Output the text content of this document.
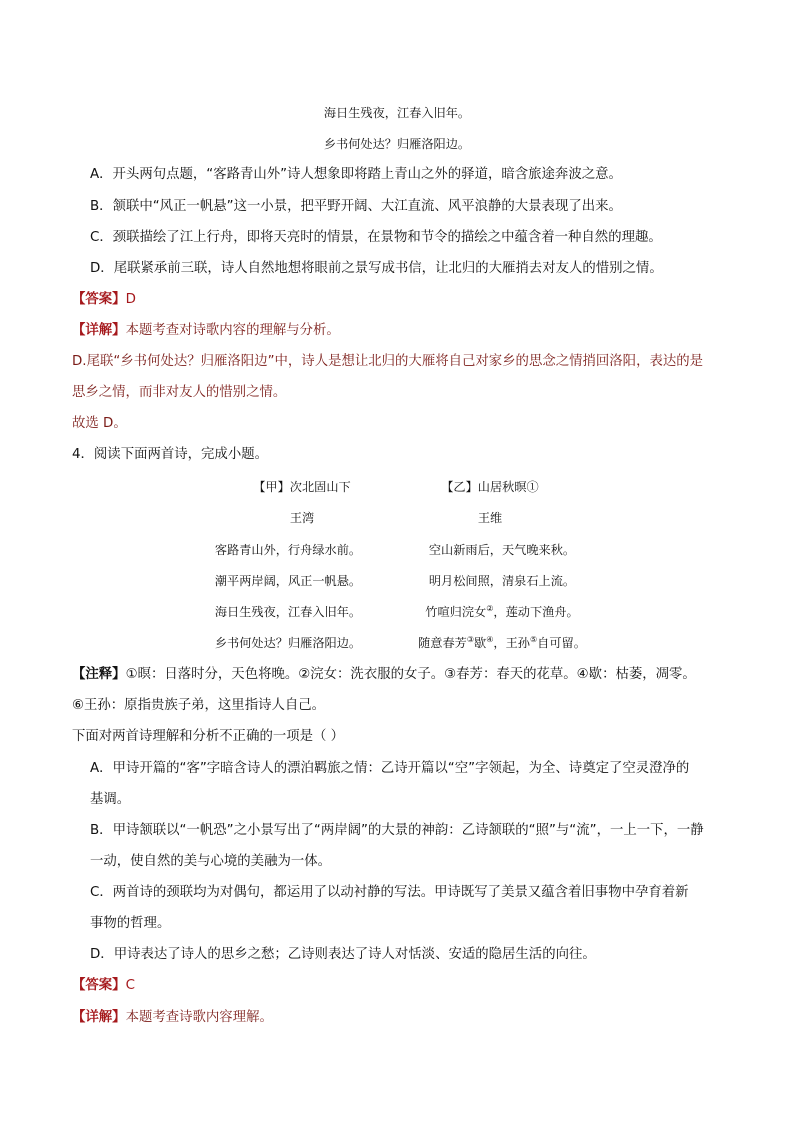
海日生残夜，江春入旧年。
乡书何处达？归雁洛阳边。
A．开头两句点题，“客路青山外”诗人想象即将踏上青山之外的驿道，暗含旅途奔波之意。
B．颔联中“风正一帆悬”这一小景，把平野开阔、大江直流、风平浪静的大景表现了出来。
C．颈联描绘了江上行舟，即将天亮时的情景，在景物和节令的描绘之中蕴含着一种自然的理趣。
D．尾联紧承前三联，诗人自然地想将眼前之景写成书信，让北归的大雁捎去对友人的惜别之情。
【答案】D
【详解】本题考查对诗歌内容的理解与分析。
D.尾联“乡书何处达？归雁洛阳边”中，诗人是想让北归的大雁将自己对家乡的思念之情捎回洛阳，表达的是
思乡之情，而非对友人的惜别之情。
故选 D。
4．阅读下面两首诗，完成小题。
【甲】次北固山下
王湾
客路青山外，行舟绿水前。
潮平两岸阔，风正一帆悬。
海日生残夜，江春入旧年。
乡书何处达？归雁洛阳边。
【乙】山居秋暝①
王维
空山新雨后，天气晚来秋。
明月松间照，清泉石上流。
竹喧归浣女②，莲动下渔舟。
随意春芳③歇④，王孙⑤自可留。
【注释】①暝：日落时分，天色将晚。②浣女：洗衣服的女子。③春芳：春天的花草。④歇：枯萎，凋零。
⑥王孙：原指贵族子弟，这里指诗人自己。
下面对两首诗理解和分析不正确的一项是（ ）
A．甲诗开篇的“客”字暗含诗人的漂泊羁旅之情：乙诗开篇以“空”字领起，为全、诗奠定了空灵澄净的
基调。
B．甲诗颔联以“一帆恐”之小景写出了“两岸阔”的大景的神韵：乙诗颔联的“照”与“流”，一上一下，一静
一动，使自然的美与心境的美融为一体。
C．两首诗的颈联均为对偶句，都运用了以动衬静的写法。甲诗既写了美景又蕴含着旧事物中孕育着新
事物的哲理。
D．甲诗表达了诗人的思乡之愁；乙诗则表达了诗人对恬淡、安适的隐居生活的向往。
【答案】C
【详解】本题考查诗歌内容理解。
